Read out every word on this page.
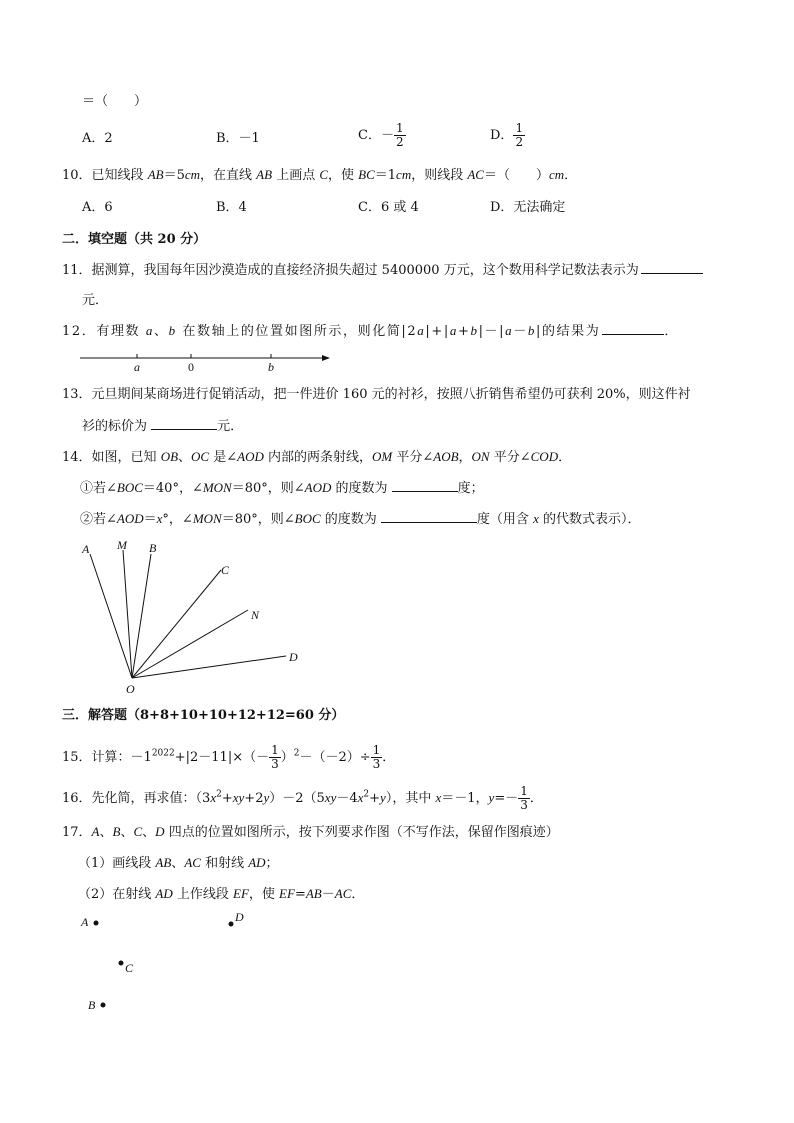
＝（　　）
A．2	B．－1	C．－ $\frac{1}{2}$	D． $\frac{1}{2}$
10．已知线段 AB＝5cm，在直线 AB 上画点 C，使 BC＝1cm，则线段 AC＝（　　）cm．
A．6	B．4	C．6 或 4	D．无法确定
二．填空题（共 20 分）
11．据测算，我国每年因沙漠造成的直接经济损失超过 5400000 万元，这个数用科学记数法表示为
元．
12．有理数 a、b 在数轴上的位置如图所示，则化简|2a|+|a+b|－|a－b|的结果为	．
a	0	b
13．元旦期间某商场进行促销活动，把一件进价 160 元的衬衫，按照八折销售希望仍可获利 20%，则这件衬
衫的标价为	元．
14．如图，已知 OB、OC 是∠AOD 内部的两条射线，OM 平分∠AOB，ON 平分∠COD．
①若∠BOC＝40°，∠MON＝80°，则∠AOD 的度数为	度；
②若∠AOD＝x°，∠MON＝80°，则∠BOC 的度数为	度（用含 x 的代数式表示）．
A M B
C
N
D
O
三．解答题（8+8+10+10+12+12=60 分）
15．计算：$-1^{2022}+|2-11|\times(- \frac{1}{3} )^2-(-2)\div \frac{1}{3}$ ．
16．先化简，再求值：$(3x^2+xy+2y)-2(5xy-4x^2+y)$，其中 x＝－1，$y=- \frac{1}{3}$ ．
17．A、B、C、D 四点的位置如图所示，按下列要求作图（不写作法，保留作图痕迹）
（1）画线段 AB、AC 和射线 AD；
（2）在射线 AD 上作线段 EF，使 EF=AB－AC．
A	D
C
B
